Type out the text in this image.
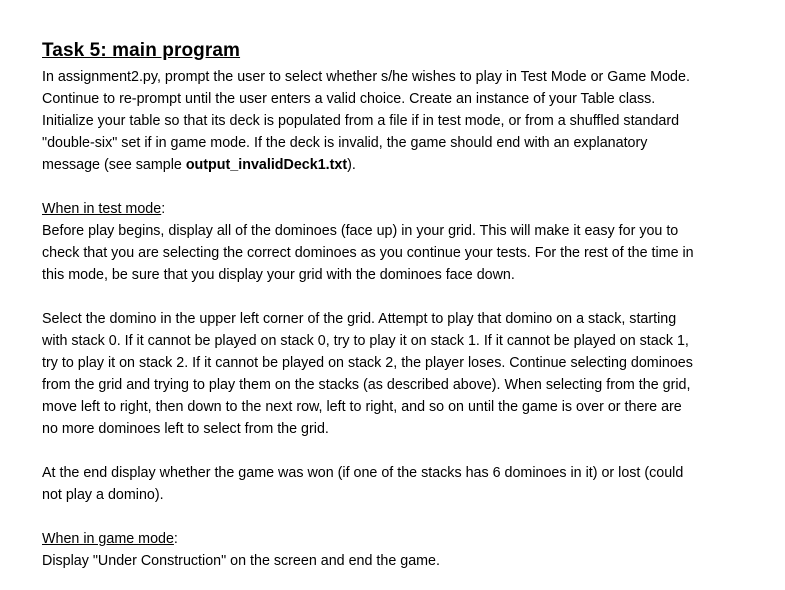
Task 5: main program

In assignment2.py, prompt the user to select whether s/he wishes to play in Test Mode or Game Mode.
Continue to re-prompt until the user enters a valid choice. Create an instance of your Table class.
Initialize your table so that its deck is populated from a file if in test mode, or from a shuffled standard
"double-six" set if in game mode. If the deck is invalid, the game should end with an explanatory
message (see sample output_invalidDeck1.txt).

When in test mode:

Before play begins, display all of the dominoes (face up) in your grid. This will make it easy for you to
check that you are selecting the correct dominoes as you continue your tests. For the rest of the time in
this mode, be sure that you display your grid with the dominoes face down.

Select the domino in the upper left corner of the grid. Attempt to play that domino on a stack, starting
with stack 0. If it cannot be played on stack 0, try to play it on stack 1. If it cannot be played on stack 1,
try to play it on stack 2. If it cannot be played on stack 2, the player loses. Continue selecting dominoes
from the grid and trying to play them on the stacks (as described above). When selecting from the grid,
move left to right, then down to the next row, left to right, and so on until the game is over or there are
no more dominoes left to select from the grid.

At the end display whether the game was won (if one of the stacks has 6 dominoes in it) or lost (could
not play a domino).

When in game mode:

Display "Under Construction" on the screen and end the game.
